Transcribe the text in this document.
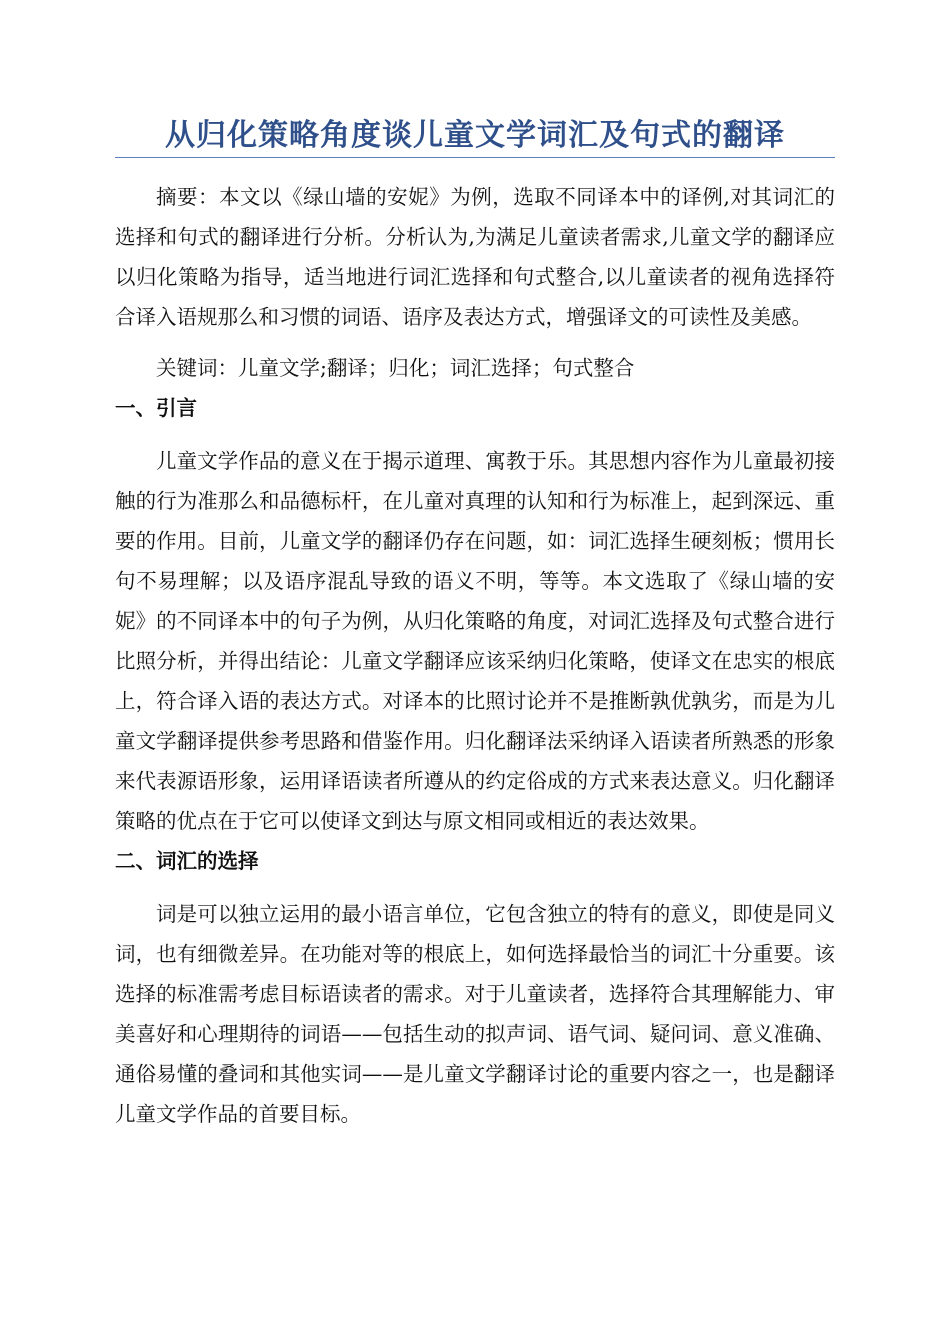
从归化策略角度谈儿童文学词汇及句式的翻译

摘要：本文以《绿山墙的安妮》为例，选取不同译本中的译例,对其词汇的选择和句式的翻译进行分析。分析认为,为满足儿童读者需求,儿童文学的翻译应以归化策略为指导，适当地进行词汇选择和句式整合,以儿童读者的视角选择符合译入语规那么和习惯的词语、语序及表达方式，增强译文的可读性及美感。

关键词：儿童文学;翻译；归化；词汇选择；句式整合

一、引言

儿童文学作品的意义在于揭示道理、寓教于乐。其思想内容作为儿童最初接触的行为准那么和品德标杆，在儿童对真理的认知和行为标准上，起到深远、重要的作用。目前，儿童文学的翻译仍存在问题，如：词汇选择生硬刻板；惯用长句不易理解；以及语序混乱导致的语义不明，等等。本文选取了《绿山墙的安妮》的不同译本中的句子为例，从归化策略的角度，对词汇选择及句式整合进行比照分析，并得出结论：儿童文学翻译应该采纳归化策略，使译文在忠实的根底上，符合译入语的表达方式。对译本的比照讨论并不是推断孰优孰劣，而是为儿童文学翻译提供参考思路和借鉴作用。归化翻译法采纳译入语读者所熟悉的形象来代表源语形象，运用译语读者所遵从的约定俗成的方式来表达意义。归化翻译策略的优点在于它可以使译文到达与原文相同或相近的表达效果。

二、词汇的选择

词是可以独立运用的最小语言单位，它包含独立的特有的意义，即使是同义词，也有细微差异。在功能对等的根底上，如何选择最恰当的词汇十分重要。该选择的标准需考虑目标语读者的需求。对于儿童读者，选择符合其理解能力、审美喜好和心理期待的词语——包括生动的拟声词、语气词、疑问词、意义准确、通俗易懂的叠词和其他实词——是儿童文学翻译讨论的重要内容之一，也是翻译儿童文学作品的首要目标。
